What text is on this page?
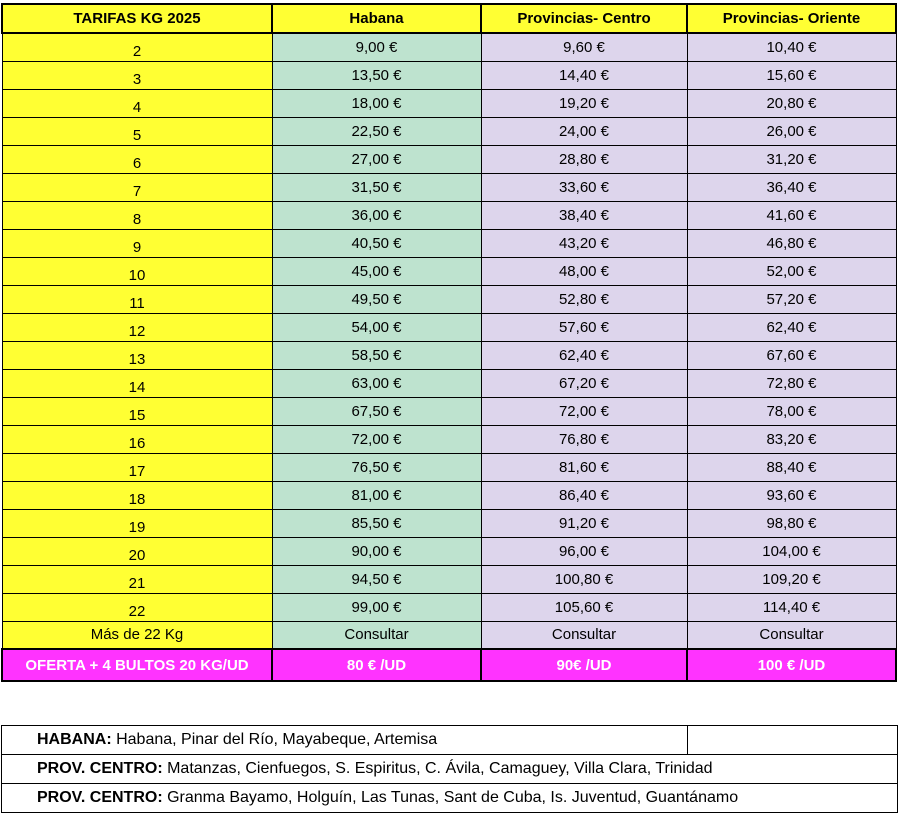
TARIFAS KG 2025	Habana	Provincias- Centro	Provincias- Oriente
2	9,00 €	9,60 €	10,40 €
3	13,50 €	14,40 €	15,60 €
4	18,00 €	19,20 €	20,80 €
5	22,50 €	24,00 €	26,00 €
6	27,00 €	28,80 €	31,20 €
7	31,50 €	33,60 €	36,40 €
8	36,00 €	38,40 €	41,60 €
9	40,50 €	43,20 €	46,80 €
10	45,00 €	48,00 €	52,00 €
11	49,50 €	52,80 €	57,20 €
12	54,00 €	57,60 €	62,40 €
13	58,50 €	62,40 €	67,60 €
14	63,00 €	67,20 €	72,80 €
15	67,50 €	72,00 €	78,00 €
16	72,00 €	76,80 €	83,20 €
17	76,50 €	81,60 €	88,40 €
18	81,00 €	86,40 €	93,60 €
19	85,50 €	91,20 €	98,80 €
20	90,00 €	96,00 €	104,00 €
21	94,50 €	100,80 €	109,20 €
22	99,00 €	105,60 €	114,40 €
Más de 22 Kg	Consultar	Consultar	Consultar
OFERTA + 4 BULTOS 20 KG/UD	80 € /UD	90€ /UD	100 € /UD
HABANA: Habana, Pinar del Río, Mayabeque, Artemisa	
PROV. CENTRO: Matanzas, Cienfuegos, S. Espiritus, C. Ávila, Camaguey, Villa Clara, Trinidad
PROV. CENTRO: Granma Bayamo, Holguín, Las Tunas, Sant de Cuba, Is. Juventud, Guantánamo
